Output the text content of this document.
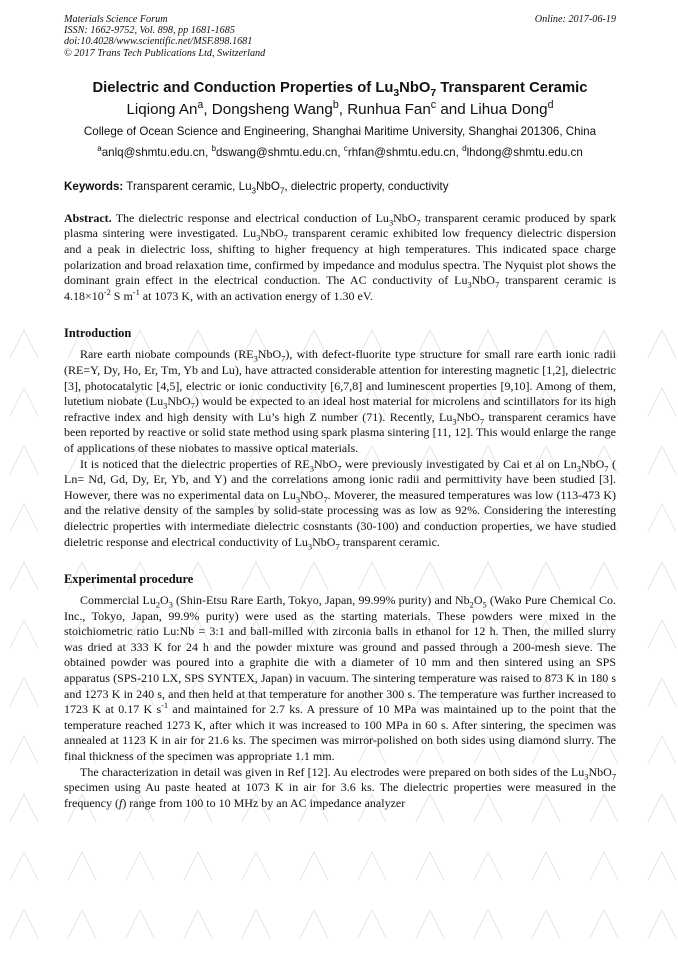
Materials Science Forum
ISSN: 1662-9752, Vol. 898, pp 1681-1685
doi:10.4028/www.scientific.net/MSF.898.1681
© 2017 Trans Tech Publications Ltd, Switzerland
Online: 2017-06-19
Dielectric and Conduction Properties of $Lu_3NbO_7$ Transparent Ceramic
Liqiong An$^a$, Dongsheng Wang$^b$, Runhua Fan$^c$ and Lihua Dong$^d$
College of Ocean Science and Engineering, Shanghai Maritime University, Shanghai 201306, China
$^a$anlq@shmtu.edu.cn, $^b$dswang@shmtu.edu.cn, $^c$rhfan@shmtu.edu.cn, $^d$lhdong@shmtu.edu.cn
Keywords: Transparent ceramic, $Lu_3NbO_7$, dielectric property, conductivity
Abstract. The dielectric response and electrical conduction of $Lu_3NbO_7$ transparent ceramic produced by spark plasma sintering were investigated. $Lu_3NbO_7$ transparent ceramic exhibited low frequency dielectric dispersion and a peak in dielectric loss, shifting to higher frequency at high temperatures. This indicated space charge polarization and broad relaxation time, confirmed by impedance and modulus spectra. The Nyquist plot shows the dominant grain effect in the electrical conduction. The AC conductivity of $Lu_3NbO_7$ transparent ceramic is $4.18\times 10^{-2}$ S $m^{-1}$ at 1073 K, with an activation energy of 1.30 eV.
Introduction

Rare earth niobate compounds $(RE_3NbO_7)$, with defect-fluorite type structure for small rare earth ionic radii (RE=Y, Dy, Ho, Er, Tm, Yb and Lu), have attracted considerable attention for interesting magnetic [1,2], dielectric [3], photocatalytic [4,5], electric or ionic conductivity [6,7,8] and luminescent properties [9,10]. Among of them, lutetium niobate $(Lu_3NbO_7)$ would be expected to an ideal host material for microlens and scintillators for its high refractive index and high density with Lu’s high Z number (71). Recently, $Lu_3NbO_7$ transparent ceramics have been reported by reactive or solid state method using spark plasma sintering [11, 12]. This would enlarge the range of applications of these niobates to massive optical materials.

It is noticed that the dielectric properties of $RE_3NbO_7$ were previously investigated by Cai et al on $Ln_3NbO_7$ ( Ln= Nd, Gd, Dy, Er, Yb, and Y) and the correlations among ionic radii and permittivity have been studied [3]. However, there was no experimental data on $Lu_3NbO_7$. Moverer, the measured temperatures was low (113-473 K) and the relative density of the samples by solid-state processing was as low as 92%. Considering the interesting dielectric properties with intermediate dielectric cosnstants (30-100) and conduction properties, we have studied dieletric response and electrical conductivity of $Lu_3NbO_7$ transparent ceramic.

Experimental procedure

Commercial $Lu_2O_3$ (Shin-Etsu Rare Earth, Tokyo, Japan, 99.99% purity) and $Nb_2O_5$ (Wako Pure Chemical Co. Inc., Tokyo, Japan, 99.9% purity) were used as the starting materials. These powders were mixed in the stoichiometric ratio Lu:Nb = 3:1 and ball-milled with zirconia balls in ethanol for 12 h. Then, the milled slurry was dried at 333 K for 24 h and the powder mixture was ground and passed through a 200-mesh sieve. The obtained powder was poured into a graphite die with a diameter of 10 mm and then sintered using an SPS apparatus (SPS-210 LX, SPS SYNTEX, Japan) in vacuum. The sintering temperature was raised to 873 K in 180 s and 1273 K in 240 s, and then held at that temperature for another 300 s. The temperature was further increased to 1723 K at 0.17 K $s^{-1}$ and maintained for 2.7 ks. A pressure of 10 MPa was maintained up to the point that the temperature reached 1273 K, after which it was increased to 100 MPa in 60 s. After sintering, the specimen was annealed at 1123 K in air for 21.6 ks. The specimen was mirror-polished on both sides using diamond slurry. The final thickness of the specimen was appropriate 1.1 mm.

The characterization in detail was given in Ref [12]. Au electrodes were prepared on both sides of the $Lu_3NbO_7$ specimen using Au paste heated at 1073 K in air for 3.6 ks. The dielectric properties were measured in the frequency (f) range from 100 to 10 MHz by an AC impedance analyzer
